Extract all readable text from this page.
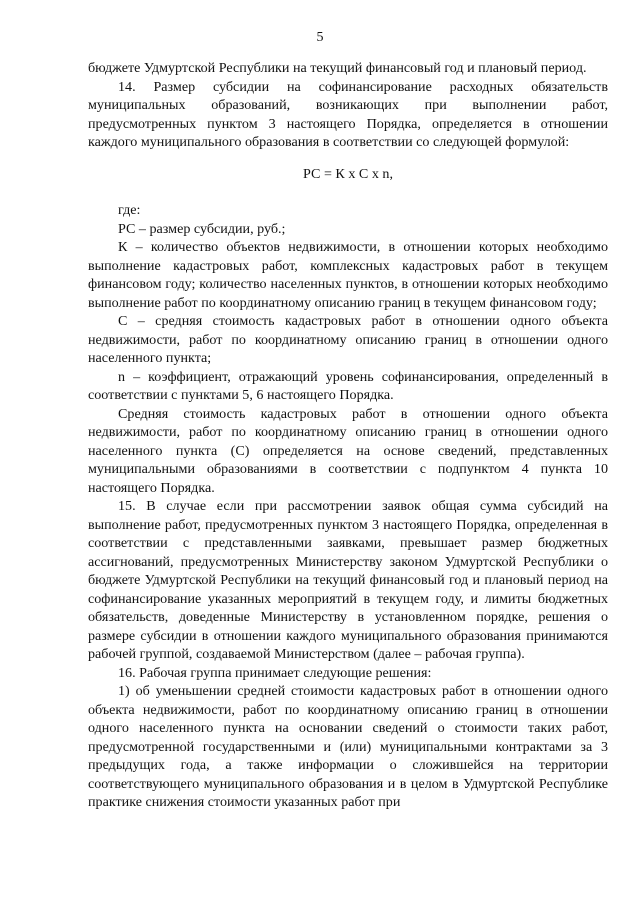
5

бюджете Удмуртской Республики на текущий финансовый год и плановый период.

14. Размер субсидии на софинансирование расходных обязательств муниципальных образований, возникающих при выполнении работ, предусмотренных пунктом 3 настоящего Порядка, определяется в отношении каждого муниципального образования в соответствии со следующей формулой:

РС = К х С х n,

где:

РС – размер субсидии, руб.;

К – количество объектов недвижимости, в отношении которых необходимо выполнение кадастровых работ, комплексных кадастровых работ в текущем финансовом году; количество населенных пунктов, в отношении которых необходимо выполнение работ по координатному описанию границ в текущем финансовом году;

С – средняя стоимость кадастровых работ в отношении одного объекта недвижимости, работ по координатному описанию границ в отношении одного населенного пункта;

n – коэффициент, отражающий уровень софинансирования, определенный в соответствии с пунктами 5, 6 настоящего Порядка.

Средняя стоимость кадастровых работ в отношении одного объекта недвижимости, работ по координатному описанию границ в отношении одного населенного пункта (С) определяется на основе сведений, представленных муниципальными образованиями в соответствии с подпунктом 4 пункта 10 настоящего Порядка.

15. В случае если при рассмотрении заявок общая сумма субсидий на выполнение работ, предусмотренных пунктом 3 настоящего Порядка, определенная в соответствии с представленными заявками, превышает размер бюджетных ассигнований, предусмотренных Министерству законом Удмуртской Республики о бюджете Удмуртской Республики на текущий финансовый год и плановый период на софинансирование указанных мероприятий в текущем году, и лимиты бюджетных обязательств, доведенные Министерству в установленном порядке, решения о размере субсидии в отношении каждого муниципального образования принимаются рабочей группой, создаваемой Министерством (далее – рабочая группа).

16. Рабочая группа принимает следующие решения:

1) об уменьшении средней стоимости кадастровых работ в отношении одного объекта недвижимости, работ по координатному описанию границ в отношении одного населенного пункта на основании сведений о стоимости таких работ, предусмотренной государственными и (или) муниципальными контрактами за 3 предыдущих года, а также информации о сложившейся на территории соответствующего муниципального образования и в целом в Удмуртской Республике практике снижения стоимости указанных работ при
